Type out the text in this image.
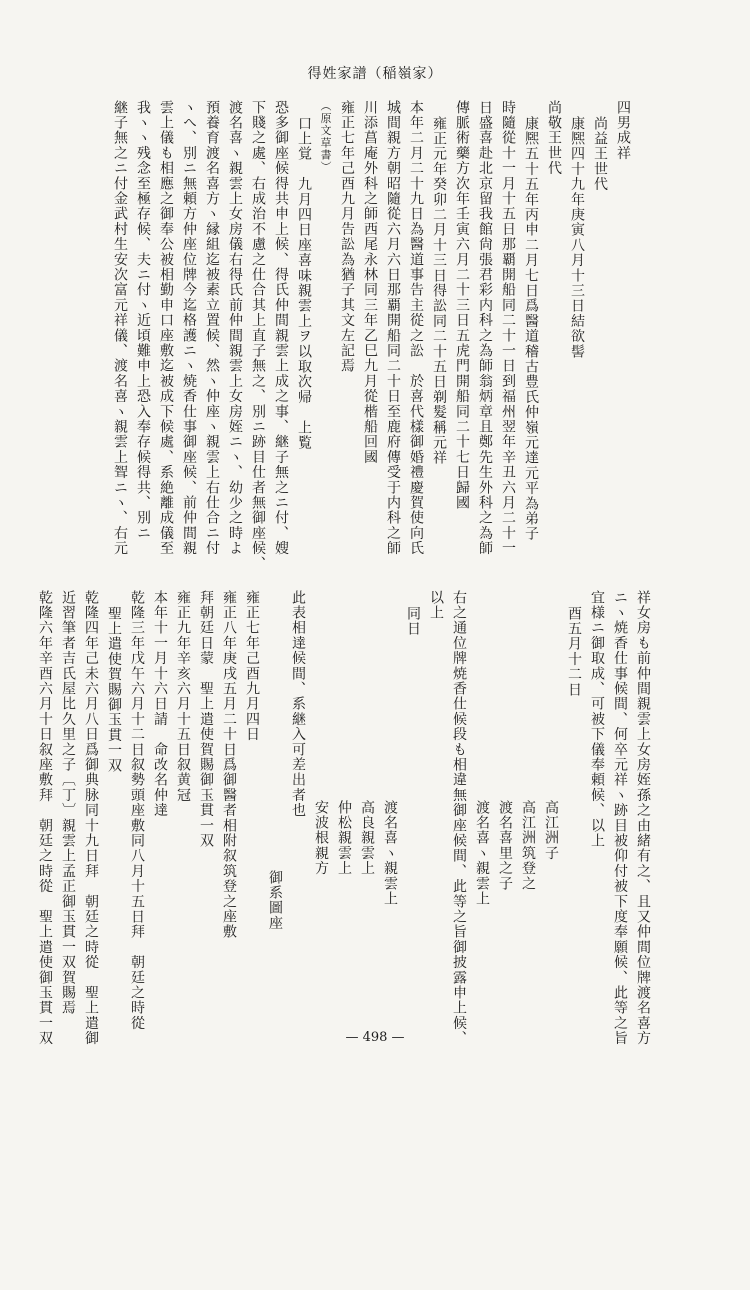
得姓家譜（稲嶺家）
四男成祥
尚益王世代
康熈四十九年庚寅八月十三日結欲髻
尚敬王世代
康熈五十五年丙申二月七日爲醫道稽古豊氏仲嶺元達元平為弟子
時隨從十一月十五日那覇開船同二十一日到福州翌年辛丑六月二十一
日盛喜赴北京留我館尙張君彩内科之為師翁炳章且鄭先生外科之為師
傳脈術藥方次年壬寅六月二十三日五虎門開船同二十七日歸國
雍正元年癸卯二月十三日得訟同二十五日剃髮稱元祥
本年二月二十九日為醫道事告主從之訟　於喜代樣御婚禮慶賀使向氏
城間親方朝昭隨從六月六日那覇開船同二十日至鹿府傳受于内科之師
川添菖庵外科之師西尾永林同三年乙巳九月從楷船回國
雍正七年己酉九月告訟為猶子其文左記焉
（原文草書）
口上覚　九月四日座喜味親雲上ヲ以取次帰　上覧
恐多御座候得共申上候、得氏仲間親雲上成之事、継子無之ニ付、嫂
下賤之處、右成治不慮之仕合其上直子無之、別ニ跡目仕者無御座候、
渡名喜ヽ親雲上女房儀右得氏前仲間親雲上女房姪ニヽ、幼少之時よ
預養育渡名喜方ヽ縁組迄被素立置候、然ヽ仲座ヽ親雲上右仕合ニ付
ヽへ、別ニ無頼方仲座位牌今迄格護ニヽ焼香仕事御座候、前仲間親
雲上儀も相應之御奉公被相勤申口座敷迄被成下候處、系絶離成儀至
我ヽヽ残念至極存候、夫ニ付ヽ近頃難申上恐入奉存候得共、別ニ
継子無之ニ付金武村生安次富元祥儀、渡名喜ヽ親雲上聟ニヽ、右元
祥女房も前仲間親雲上女房姪孫之由緒有之、且又仲間位牌渡名喜方
ニヽ焼香仕事候間、何卒元祥ヽ跡目被仰付被下度奉願候、此等之旨
宜様ニ御取成、可被下儀奉頼候、以上
酉五月十二日
高江洲子
高江洲筑登之
渡名喜里之子
渡名喜ヽ親雲上
右之通位牌焼香仕候段も相違無御座候間、此等之旨御披露申上候、
以上
同日
渡名喜ヽ親雲上
高良親雲上
仲松親雲上
安波根親方
此表相達候間、系継入可差出者也
御系圖座
雍正七年己酉九月四日
雍正八年庚戌五月二十日爲御醫者相附叙筑登之座敷
拜朝廷日蒙　聖上遣使賀賜御玉貫一双
雍正九年辛亥六月十五日叙黄冠
本年十一月十六日請　命改名仲達
乾隆三年戊午六月十二日叙勢頭座敷同八月十五日拜　朝廷之時從
聖上遣使賀賜御玉貫一双
乾隆四年己未六月八日爲御典脉同十九日拜　朝廷之時從　聖上遣御
近習筆者吉氏屋比久里之子〔丁〕親雲上孟正御玉貫一双賀賜焉
乾隆六年辛酉六月十日叙座敷拜　朝廷之時從　聖上遣使御玉貫一双	— 498 —
